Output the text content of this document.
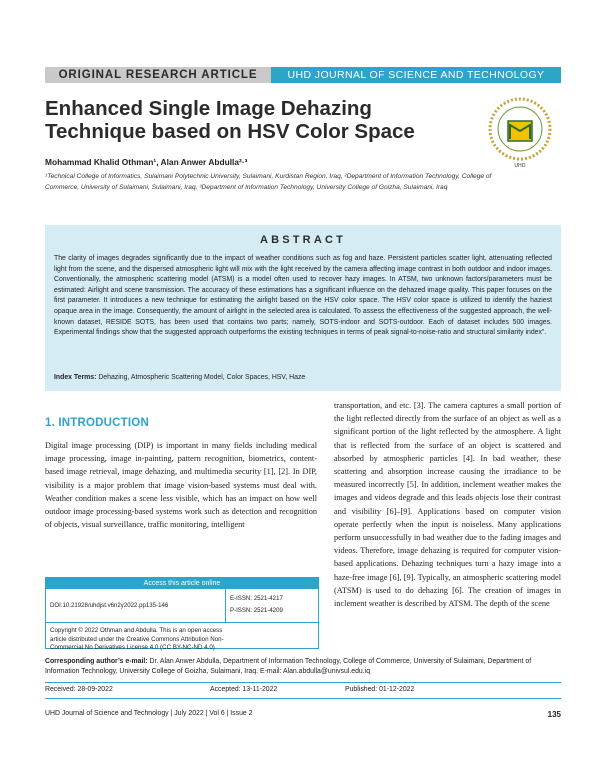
ORIGINAL RESEARCH ARTICLE	UHD JOURNAL OF SCIENCE AND TECHNOLOGY
Enhanced Single Image Dehazing Technique based on HSV Color Space
UHD
Mohammad Khalid Othman¹, Alan Anwer Abdulla²·³
¹Technical College of Informatics, Sulaimani Polytechnic University, Sulaimani, Kurdistan Region, Iraq, ²Department of Information Technology, College of Commerce, University of Sulaimani, Sulaimani, Iraq, ³Department of Information Technology, University College of Goizha, Sulaimani, Iraq
ABSTRACT
The clarity of images degrades significantly due to the impact of weather conditions such as fog and haze. Persistent particles scatter light, attenuating reflected light from the scene, and the dispersed atmospheric light will mix with the light received by the camera affecting image contrast in both outdoor and indoor images. Conventionally, the atmospheric scattering model (ATSM) is a model often used to recover hazy images. In ATSM, two unknown factors/parameters must be estimated: Airlight and scene transmission. The accuracy of these estimations has a significant influence on the dehazed image quality. This paper focuses on the first parameter. It introduces a new technique for estimating the airlight based on the HSV color space. The HSV color space is utilized to identify the haziest opaque area in the image. Consequently, the amount of airlight in the selected area is calculated. To assess the effectiveness of the suggested approach, the well-known dataset, RESIDE SOTS, has been used that contains two parts; namely, SOTS-indoor and SOTS-outdoor. Each of dataset includes 500 images. Experimental findings show that the suggested approach outperforms the existing techniques in terms of peak signal-to-noise-ratio and structural similarity index”.
Index Terms: Dehazing, Atmospheric Scattering Model, Color Spaces, HSV, Haze
1. INTRODUCTION
Digital image processing (DIP) is important in many fields including medical image processing, image in-painting, pattern recognition, biometrics, content-based image retrieval, image dehazing, and multimedia security [1], [2]. In DIP, visibility is a major problem that image vision-based systems must deal with. Weather condition makes a scene less visible, which has an impact on how well outdoor image processing-based systems work such as detection and recognition of objects, visual surveillance, traffic monitoring, intelligent
transportation, and etc. [3]. The camera captures a small portion of the light reflected directly from the surface of an object as well as a significant portion of the light reflected by the atmosphere. A light that is reflected from the surface of an object is scattered and absorbed by atmospheric particles [4]. In bad weather, these scattering and absorption increase causing the irradiance to be measured incorrectly [5]. In addition, inclement weather makes the images and videos degrade and this leads objects lose their contrast and visibility [6]–[9]. Applications based on computer vision operate perfectly when the input is noiseless. Many applications perform unsuccessfully in bad weather due to the fading images and videos. Therefore, image dehazing is required for computer vision-based applications. Dehazing techniques turn a hazy image into a haze-free image [6], [9]. Typically, an atmospheric scattering model (ATSM) is used to do dehazing [6]. The creation of images in inclement weather is described by ATSM. The depth of the scene
Access this article online
DOI:10.21928/uhdjst.v6n2y2022.pp135-146
E-ISSN: 2521-4217
P-ISSN: 2521-4209
Copyright © 2022 Othman and Abdulla. This is an open access article distributed under the Creative Commons Attribution Non-Commercial No Derivatives License 4.0 (CC BY-NC-ND 4.0)
Corresponding author’s e-mail: Dr. Alan Anwer Abdulla, Department of Information Technology, College of Commerce, University of Sulaimani, Department of Information Technology, University College of Goizha, Sulaimani, Iraq. E-mail: Alan.abdulla@univsul.edu.iq
Received: 28-09-2022	Accepted: 13-11-2022	Published: 01-12-2022
UHD Journal of Science and Technology | July 2022 | Vol 6 | Issue 2	135
